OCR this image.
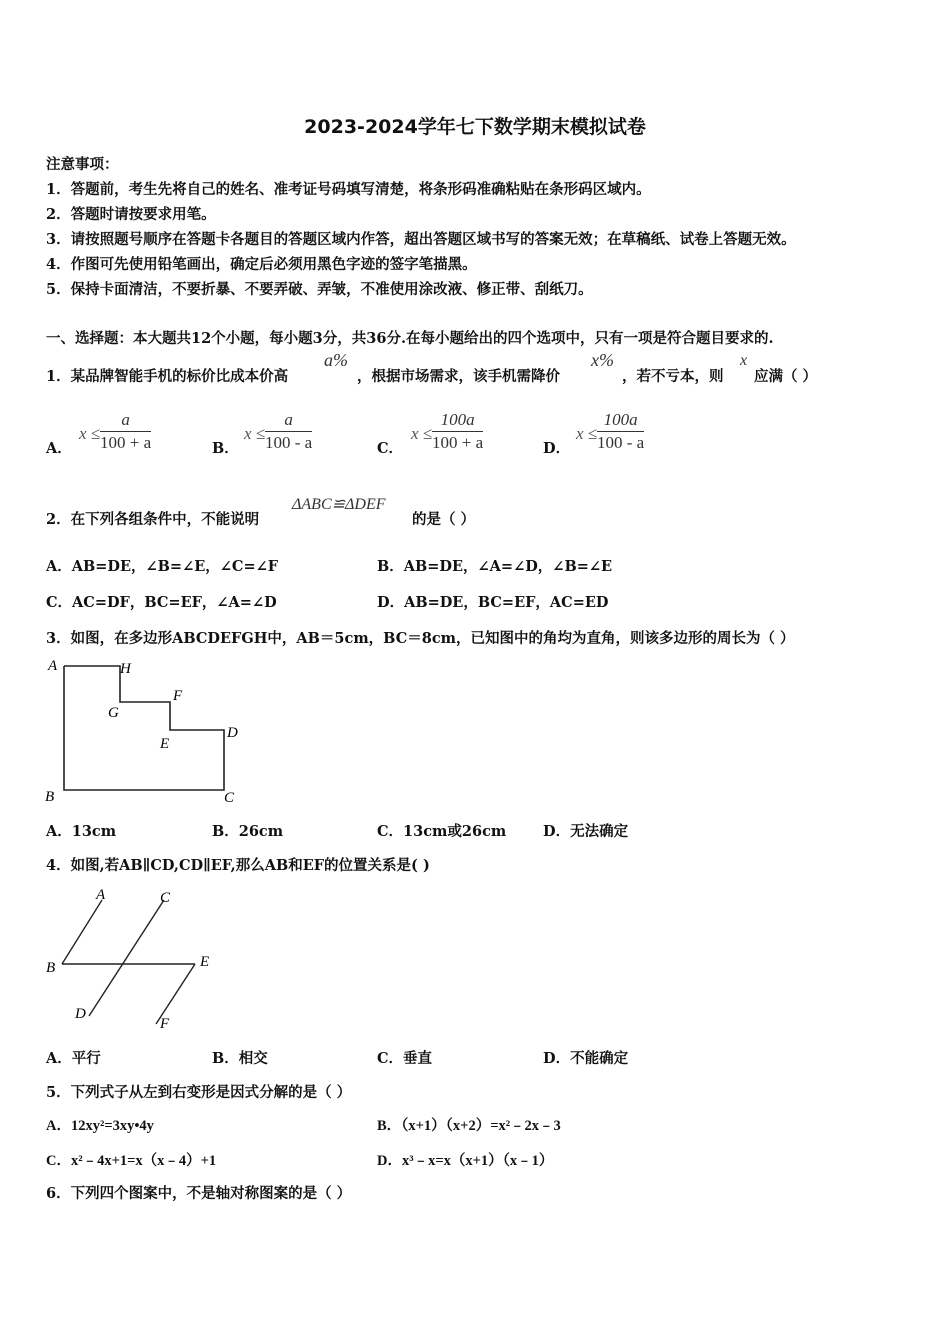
2023-2024学年七下数学期末模拟试卷
注意事项：
1．答题前，考生先将自己的姓名、准考证号码填写清楚，将条形码准确粘贴在条形码区域内。
2．答题时请按要求用笔。
3．请按照题号顺序在答题卡各题目的答题区域内作答，超出答题区域书写的答案无效；在草稿纸、试卷上答题无效。
4．作图可先使用铅笔画出，确定后必须用黑色字迹的签字笔描黑。
5．保持卡面清洁，不要折暴、不要弄破、弄皱，不准使用涂改液、修正带、刮纸刀。
一、选择题：本大题共12个小题，每小题3分，共36分.在每小题给出的四个选项中，只有一项是符合题目要求的.
1．某品牌智能手机的标价比成本价高
a%
，根据市场需求，该手机需降价
x%
，若不亏本，则
x
应满（ ）
A．
$x \le \frac{a}{100 + a}$	B．
$x \le \frac{a}{100 - a}$	C．
$x \le \frac{100a}{100 + a}$	D．
$x \le \frac{100a}{100 - a}$
2．在下列各组条件中，不能说明
ΔABC≌ΔDEF
的是（ ）
A．AB=DE，∠B=∠E，∠C=∠F	B．AB=DE，∠A=∠D，∠B=∠E
C．AC=DF，BC=EF，∠A=∠D	D．AB=DE，BC=EF，AC=ED
3．如图，在多边形ABCDEFGH中，AB＝5cm，BC＝8cm，已知图中的角均为直角，则该多边形的周长为（ ）
A	H
G
F
E
D
B	C
A．13cm	B．26cm	C．13cm或26cm	D．无法确定
4．如图,若AB∥CD,CD∥EF,那么AB和EF的位置关系是( )
A	C
B	E
D
F
A．平行	B．相交	C．垂直	D．不能确定
5．下列式子从左到右变形是因式分解的是（ ）
A．12xy²=3xy•4y	B．（x+1）（x+2）=x²﹣2x﹣3
C．x²﹣4x+1=x（x﹣4）+1	D．x³﹣x=x（x+1）（x﹣1）
6．下列四个图案中，不是轴对称图案的是（ ）
